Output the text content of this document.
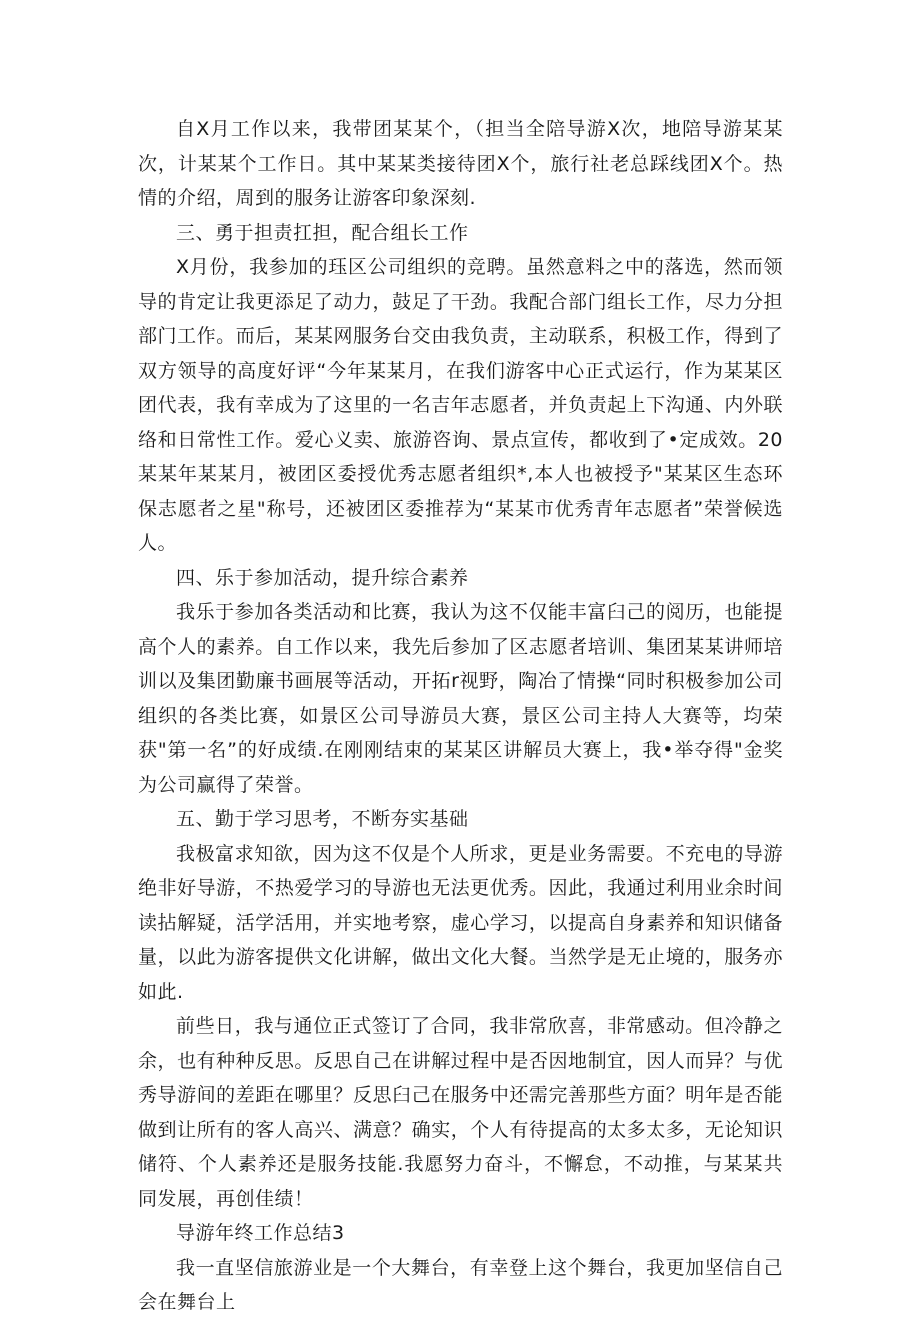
自X月工作以来，我带团某某个，（担当全陪导游X次，地陪导游某某次，计某某个工作日。其中某某类接待团X个，旅行社老总踩线团X个。热情的介绍，周到的服务让游客印象深刻.

三、勇于担责扛担，配合组长工作

X月份，我参加的珏区公司组织的竞聘。虽然意料之中的落选，然而领导的肯定让我更添足了动力，鼓足了干劲。我配合部门组长工作，尽力分担部门工作。而后，某某网服务台交由我负责，主动联系，积极工作，得到了双方领导的高度好评“今年某某月，在我们游客中心正式运行，作为某某区团代表，我有幸成为了这里的一名吉年志愿者，并负责起上下沟通、内外联络和日常性工作。爱心义卖、旅游咨询、景点宣传，都收到了•定成效。20某某年某某月，被团区委授优秀志愿者组织*,本人也被授予"某某区生态环保志愿者之星"称号，还被团区委推荐为“某某市优秀青年志愿者”荣誉候选人。

四、乐于参加活动，提升综合素养

我乐于参加各类活动和比赛，我认为这不仅能丰富臼己的阅历，也能提高个人的素养。自工作以来，我先后参加了区志愿者培训、集团某某讲师培训以及集团勤廉书画展等活动，开拓r视野，陶冶了情操“同时积极参加公司组织的各类比赛，如景区公司导游员大赛，景区公司主持人大赛等，均荣获"第一名”的好成绩.在刚刚结束的某某区讲解员大赛上，我•举夺得"金奖为公司赢得了荣誉。

五、勤于学习思考，不断夯实基础

我极富求知欲，因为这不仅是个人所求，更是业务需要。不充电的导游绝非好导游，不热爱学习的导游也无法更优秀。因此，我通过利用业余时间读拈解疑，活学活用，并实地考察，虚心学习，以提高自身素养和知识储备量，以此为游客提供文化讲解，做出文化大餐。当然学是无止境的，服务亦如此.

前些日，我与通位正式签订了合同，我非常欣喜，非常感动。但冷静之余，也有种种反思。反思自己在讲解过程中是否因地制宜，因人而异？与优秀导游间的差距在哪里？反思臼己在服务中还需完善那些方面？明年是否能做到让所有的客人高兴、满意？确实，个人有待提高的太多太多，无论知识储符、个人素养还是服务技能.我愿努力奋斗，不懈怠，不动推，与某某共同发展，再创佳绩！

导游年终工作总结3

我一直坚信旅游业是一个大舞台，有幸登上这个舞台，我更加坚信自己会在舞台上
